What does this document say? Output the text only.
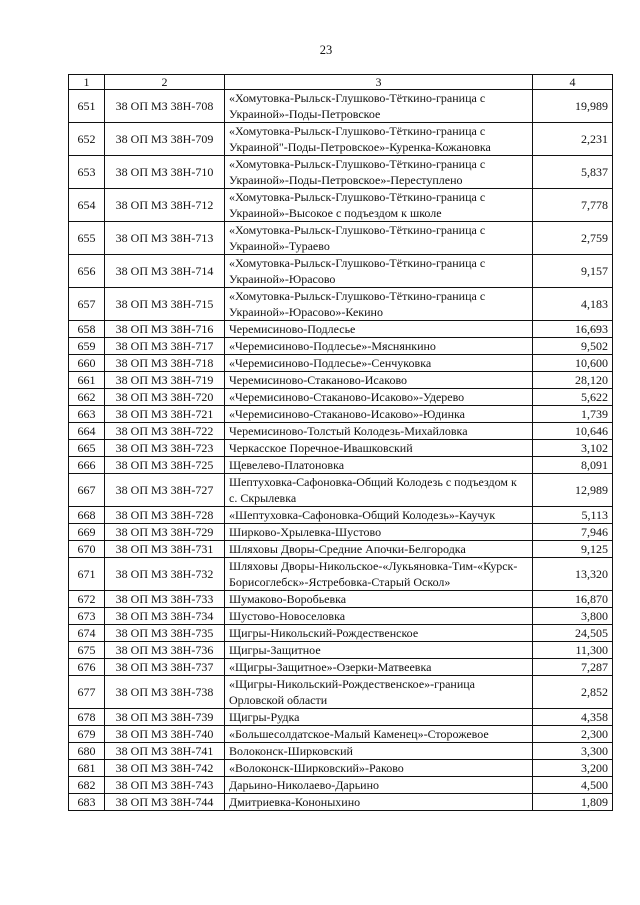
23
1	2	3	4
651	38 ОП МЗ 38Н-708	«Хомутовка-Рыльск-Глушково-Тёткино-граница с Украиной»-Поды-Петровское	19,989
652	38 ОП МЗ 38Н-709	«Хомутовка-Рыльск-Глушково-Тёткино-граница с Украиной"-Поды-Петровское»-Куренка-Кожановка	2,231
653	38 ОП МЗ 38Н-710	«Хомутовка-Рыльск-Глушково-Тёткино-граница с Украиной»-Поды-Петровское»-Переступлено	5,837
654	38 ОП МЗ 38Н-712	«Хомутовка-Рыльск-Глушково-Тёткино-граница с Украиной»-Высокое с подъездом к школе	7,778
655	38 ОП МЗ 38Н-713	«Хомутовка-Рыльск-Глушково-Тёткино-граница с Украиной»-Тураево	2,759
656	38 ОП МЗ 38Н-714	«Хомутовка-Рыльск-Глушково-Тёткино-граница с Украиной»-Юрасово	9,157
657	38 ОП МЗ 38Н-715	«Хомутовка-Рыльск-Глушково-Тёткино-граница с Украиной»-Юрасово»-Кекино	4,183
658	38 ОП МЗ 38Н-716	Черемисиново-Подлесье	16,693
659	38 ОП МЗ 38Н-717	«Черемисиново-Подлесье»-Мяснянкино	9,502
660	38 ОП МЗ 38Н-718	«Черемисиново-Подлесье»-Сенчуковка	10,600
661	38 ОП МЗ 38Н-719	Черемисиново-Стаканово-Исаково	28,120
662	38 ОП МЗ 38Н-720	«Черемисиново-Стаканово-Исаково»-Удерево	5,622
663	38 ОП МЗ 38Н-721	«Черемисиново-Стаканово-Исаково»-Юдинка	1,739
664	38 ОП МЗ 38Н-722	Черемисиново-Толстый Колодезь-Михайловка	10,646
665	38 ОП МЗ 38Н-723	Черкасское Поречное-Ивашковский	3,102
666	38 ОП МЗ 38Н-725	Щевелево-Платоновка	8,091
667	38 ОП МЗ 38Н-727	Шептуховка-Сафоновка-Общий Колодезь с подъездом к с. Скрылевка	12,989
668	38 ОП МЗ 38Н-728	«Шептуховка-Сафоновка-Общий Колодезь»-Каучук	5,113
669	38 ОП МЗ 38Н-729	Ширково-Хрылевка-Шустово	7,946
670	38 ОП МЗ 38Н-731	Шляховы Дворы-Средние Апочки-Белгородка	9,125
671	38 ОП МЗ 38Н-732	Шляховы Дворы-Никольское-«Лукьяновка-Тим-«Курск-Борисоглебск»-Ястребовка-Старый Оскол»	13,320
672	38 ОП МЗ 38Н-733	Шумаково-Воробьевка	16,870
673	38 ОП МЗ 38Н-734	Шустово-Новоселовка	3,800
674	38 ОП МЗ 38Н-735	Щигры-Никольский-Рождественское	24,505
675	38 ОП МЗ 38Н-736	Щигры-Защитное	11,300
676	38 ОП МЗ 38Н-737	«Щигры-Защитное»-Озерки-Матвеевка	7,287
677	38 ОП МЗ 38Н-738	«Щигры-Никольский-Рождественское»-граница Орловской области	2,852
678	38 ОП МЗ 38Н-739	Щигры-Рудка	4,358
679	38 ОП МЗ 38Н-740	«Большесолдатское-Малый Каменец»-Сторожевое	2,300
680	38 ОП МЗ 38Н-741	Волоконск-Ширковский	3,300
681	38 ОП МЗ 38Н-742	«Волоконск-Ширковский»-Раково	3,200
682	38 ОП МЗ 38Н-743	Дарьино-Николаево-Дарьино	4,500
683	38 ОП МЗ 38Н-744	Дмитриевка-Кононыхино	1,809
